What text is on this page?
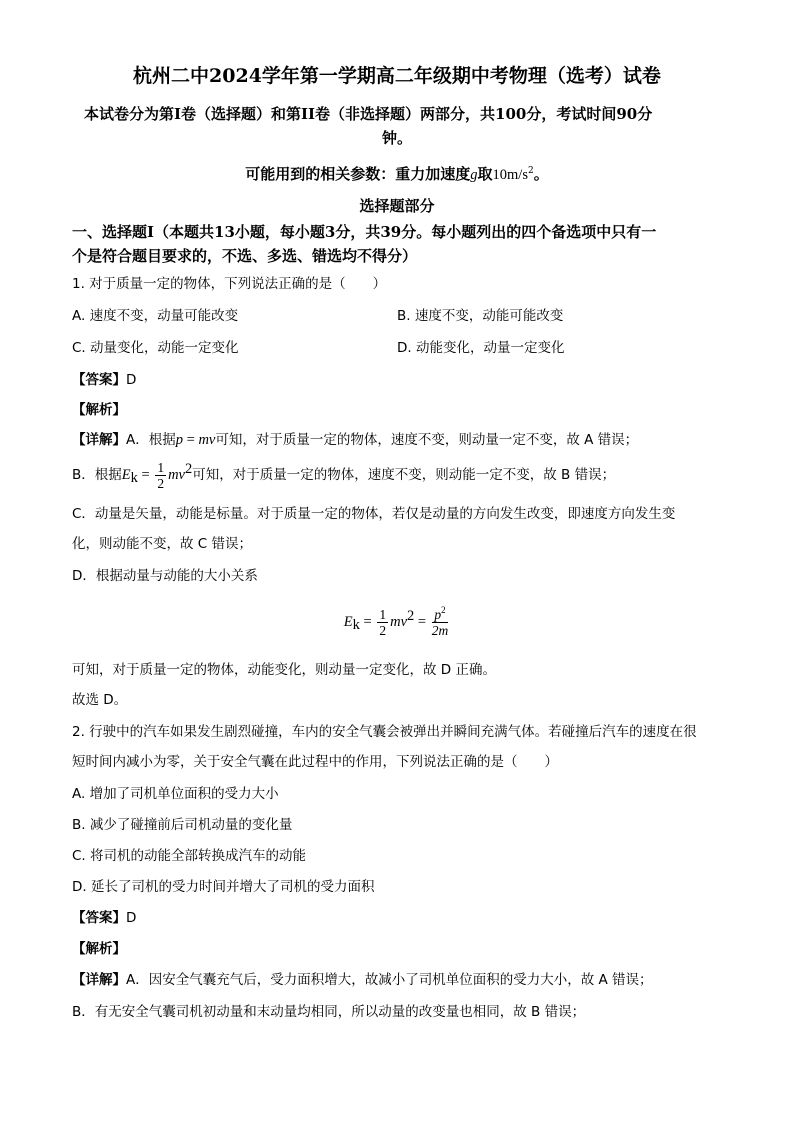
杭州二中2024学年第一学期高二年级期中考物理（选考）试卷
本试卷分为第I卷（选择题）和第II卷（非选择题）两部分，共100分，考试时间90分
钟。
可能用到的相关参数：重力加速度g取$10m/s^2$。
选择题部分
一、选择题I（本题共13小题，每小题3分，共39分。每小题列出的四个备选项中只有一
个是符合题目要求的，不选、多选、错选均不得分）
1. 对于质量一定的物体，下列说法正确的是（　　）
A. 速度不变，动量可能改变	B. 速度不变，动能可能改变
C. 动量变化，动能一定变化	D. 动能变化，动量一定变化
【答案】D
【解析】
【详解】A．根据p = mv可知，对于质量一定的物体，速度不变，则动量一定不变，故 A 错误；
B．根据$E_k = \frac{1}{2} mv^2$可知，对于质量一定的物体，速度不变，则动能一定不变，故 B 错误；
C．动量是矢量，动能是标量。对于质量一定的物体，若仅是动量的方向发生改变，即速度方向发生变
化，则动能不变，故 C 错误；
D．根据动量与动能的大小关系
$E_k = \frac{1}{2} mv^2 = \frac{p^2}{2m}$
可知，对于质量一定的物体，动能变化，则动量一定变化，故 D 正确。
故选 D。
2. 行驶中的汽车如果发生剧烈碰撞，车内的安全气囊会被弹出并瞬间充满气体。若碰撞后汽车的速度在很
短时间内减小为零，关于安全气囊在此过程中的作用，下列说法正确的是（　　）
A. 增加了司机单位面积的受力大小
B. 减少了碰撞前后司机动量的变化量
C. 将司机的动能全部转换成汽车的动能
D. 延长了司机的受力时间并增大了司机的受力面积
【答案】D
【解析】
【详解】A．因安全气囊充气后，受力面积增大，故减小了司机单位面积的受力大小，故 A 错误；
B．有无安全气囊司机初动量和末动量均相同，所以动量的改变量也相同，故 B 错误；
